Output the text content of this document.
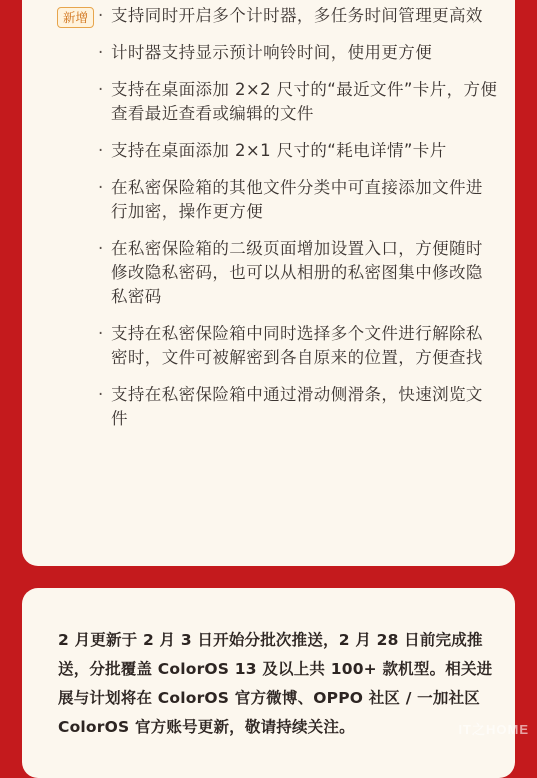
新增 · 支持同时开启多个计时器，多任务时间管理更高效
· 计时器支持显示预计响铃时间，使用更方便
· 支持在桌面添加 2×2 尺寸的“最近文件”卡片，方便查看最近查看或编辑的文件
· 支持在桌面添加 2×1 尺寸的“耗电详情”卡片
· 在私密保险箱的其他文件分类中可直接添加文件进行加密，操作更方便
· 在私密保险箱的二级页面增加设置入口，方便随时修改隐私密码，也可以从相册的私密图集中修改隐私密码
· 支持在私密保险箱中同时选择多个文件进行解除私密时，文件可被解密到各自原来的位置，方便查找
· 支持在私密保险箱中通过滑动侧滑条，快速浏览文件
2 月更新于 2 月 3 日开始分批次推送，2 月 28 日前完成推送，分批覆盖 ColorOS 13 及以上共 100+ 款机型。相关进展与计划将在 ColorOS 官方微博、OPPO 社区 / 一加社区 ColorOS 官方账号更新，敬请持续关注。	IT之HOME
